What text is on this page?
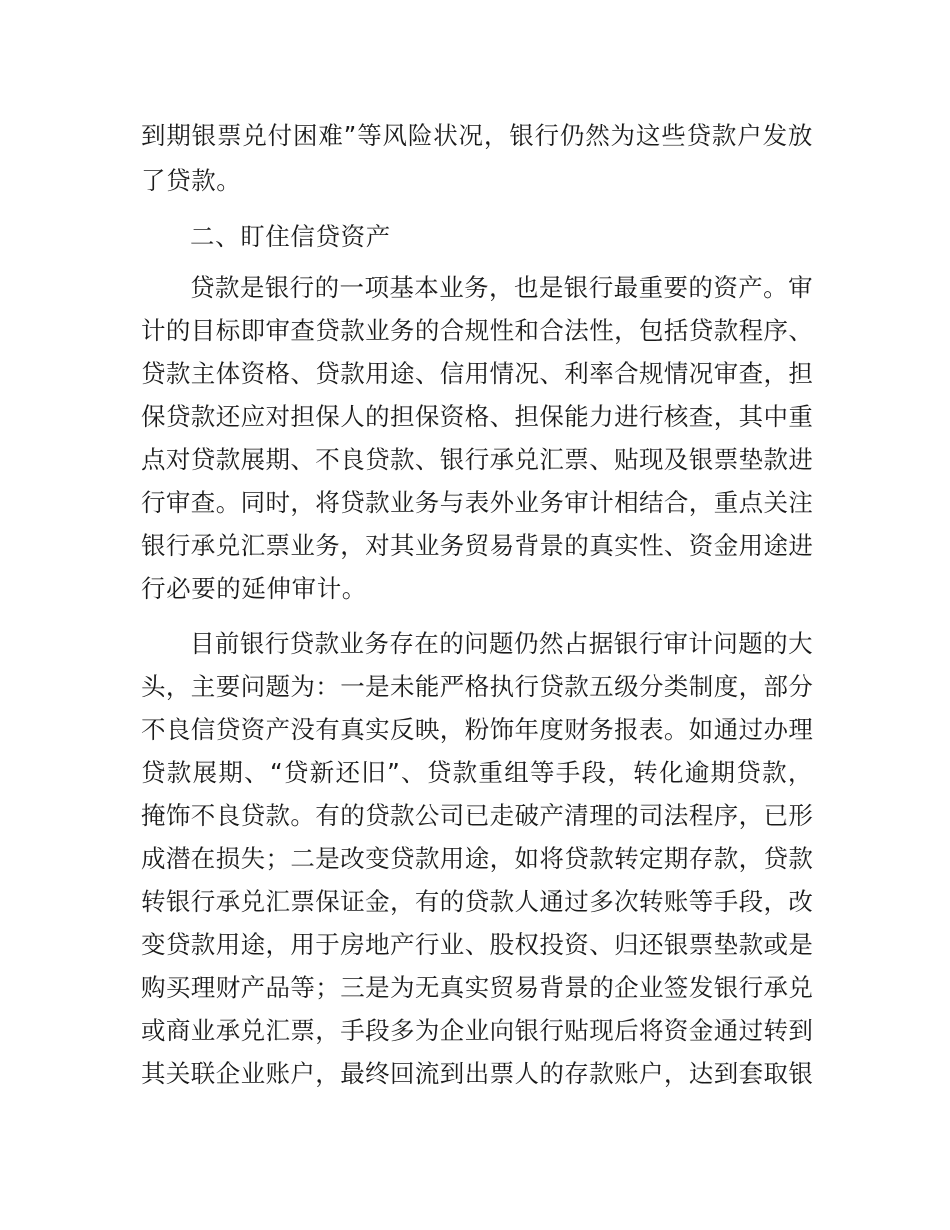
到期银票兑付困难”等风险状况，银行仍然为这些贷款户发放
了贷款。
二、盯住信贷资产
贷款是银行的一项基本业务，也是银行最重要的资产。审
计的目标即审查贷款业务的合规性和合法性，包括贷款程序、
贷款主体资格、贷款用途、信用情况、利率合规情况审查，担
保贷款还应对担保人的担保资格、担保能力进行核查，其中重
点对贷款展期、不良贷款、银行承兑汇票、贴现及银票垫款进
行审查。同时，将贷款业务与表外业务审计相结合，重点关注
银行承兑汇票业务，对其业务贸易背景的真实性、资金用途进
行必要的延伸审计。
目前银行贷款业务存在的问题仍然占据银行审计问题的大
头，主要问题为：一是未能严格执行贷款五级分类制度，部分
不良信贷资产没有真实反映，粉饰年度财务报表。如通过办理
贷款展期、“贷新还旧”、贷款重组等手段，转化逾期贷款，
掩饰不良贷款。有的贷款公司已走破产清理的司法程序，已形
成潜在损失；二是改变贷款用途，如将贷款转定期存款，贷款
转银行承兑汇票保证金，有的贷款人通过多次转账等手段，改
变贷款用途，用于房地产行业、股权投资、归还银票垫款或是
购买理财产品等；三是为无真实贸易背景的企业签发银行承兑
或商业承兑汇票，手段多为企业向银行贴现后将资金通过转到
其关联企业账户，最终回流到出票人的存款账户，达到套取银
